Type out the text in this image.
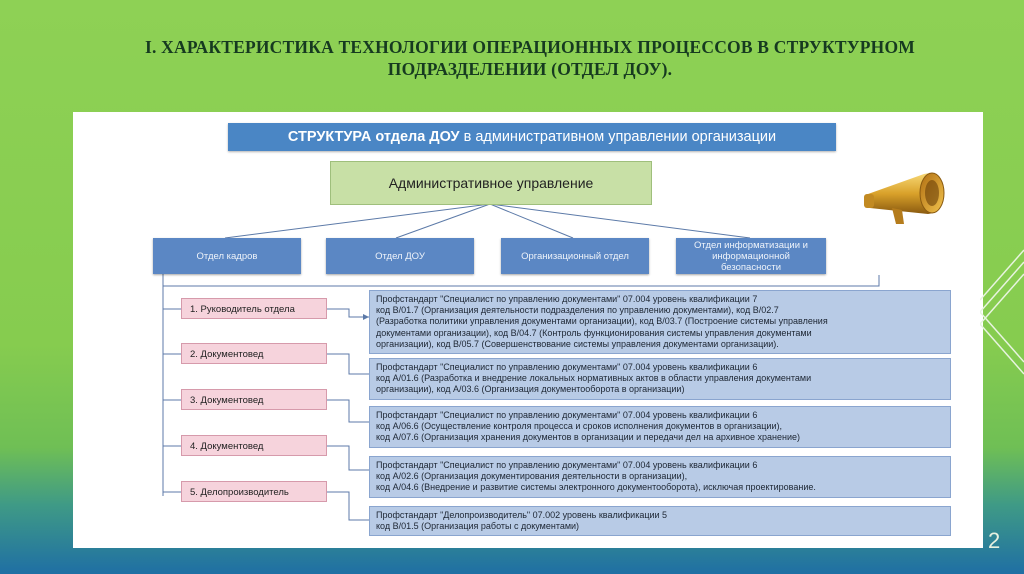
I. ХАРАКТЕРИСТИКА ТЕХНОЛОГИИ ОПЕРАЦИОННЫХ ПРОЦЕССОВ В СТРУКТУРНОМ
ПОДРАЗДЕЛЕНИИ (ОТДЕЛ ДОУ).
СТРУКТУРА отдела ДОУ в административном управлении организации
Административное управление
Отдел кадров	Отдел ДОУ	Организационный отдел
Отдел информатизации и информационной безопасности
1. Руководитель отдела
2. Документовед
3. Документовед
4. Документовед
5. Делопроизводитель
Профстандарт "Специалист по управлению документами" 07.004 уровень квалификации 7
код В/01.7 (Организация деятельности подразделения по управлению документами), код В/02.7
(Разработка политики управления документами организации), код В/03.7 (Построение системы управления
документами организации), код В/04.7 (Контроль функционирования системы управления документами
организации), код В/05.7 (Совершенствование системы управления документами организации).
Профстандарт "Специалист по управлению документами" 07.004 уровень квалификации 6
код А/01.6 (Разработка и внедрение локальных нормативных актов в области управления документами
организации), код А/03.6 (Организация документооборота в организации)
Профстандарт "Специалист по управлению документами" 07.004 уровень квалификации 6
код А/06.6 (Осуществление контроля процесса и сроков исполнения документов в организации),
код А/07.6 (Организация хранения документов в организации и передачи дел на архивное хранение)
Профстандарт "Специалист по управлению документами" 07.004 уровень квалификации 6
код А/02.6 (Организация документирования деятельности в организации),
код А/04.6 (Внедрение и развитие системы электронного документооборота), исключая проектирование.
Профстандарт "Делопроизводитель" 07.002 уровень квалификации 5
код В/01.5 (Организация работы с документами)
2
